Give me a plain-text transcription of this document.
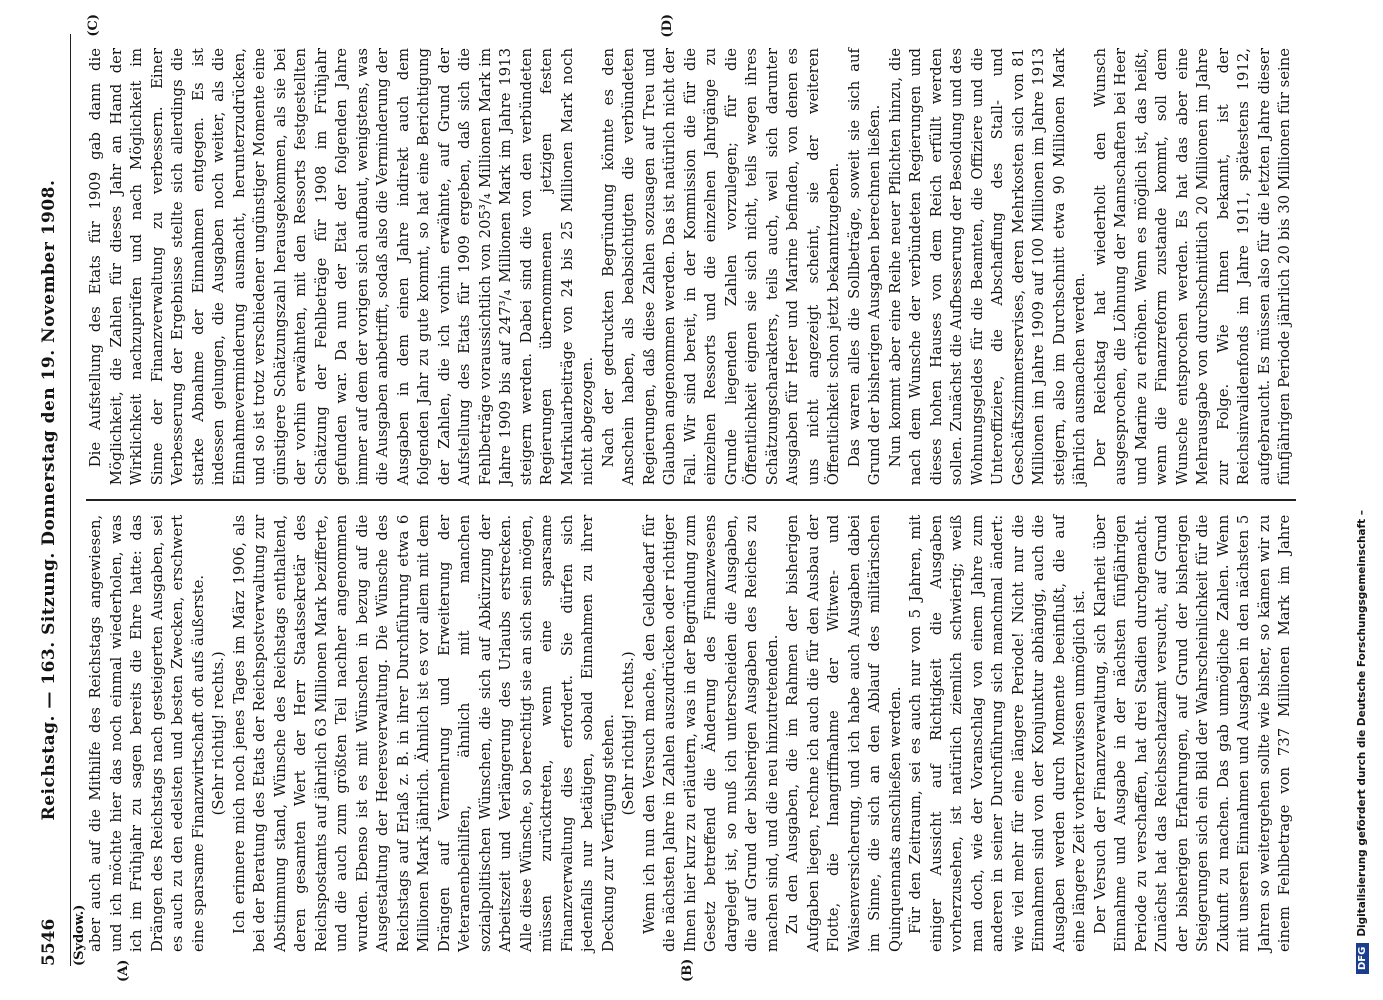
5546
Reichstag. — 163. Sitzung. Donnerstag den 19. November 1908.
(Sydow.)
(A)	(B)
(C)	(D)

aber auch auf die Mithilfe des Reichstags angewiesen, und ich möchte hier das noch einmal wiederholen, was ich im Frühjahr zu sagen bereits die Ehre hatte: das Drängen des Reichstags nach gesteigerten Ausgaben, sei es auch zu den edelsten und besten Zwecken, erschwert eine sparsame Finanzwirtschaft oft aufs äußerste. (Sehr richtig! rechts.) Ich erinnere mich noch jenes Tages im März 1906, als bei der Beratung des Etats der Reichspostverwaltung zur Abstimmung stand, Wünsche des Reichstags enthaltend, deren gesamten Wert der Herr Staatssekretär des Reichspostamts auf jährlich 63 Millionen Mark bezifferte, und die auch zum größten Teil nachher angenommen wurden. Ebenso ist es mit Wünschen in bezug auf die Ausgestaltung der Heeresverwaltung. Die Wünsche des Reichstags auf Erlaß z. B. in ihrer Durchführung etwa 6 Millionen Mark jährlich. Ähnlich ist es vor allem mit dem Drängen auf Vermehrung und Erweiterung der Veteranenbeihilfen, ähnlich mit manchen sozialpolitischen Wünschen, die sich auf Abkürzung der Arbeitszeit und Verlängerung des Urlaubs erstrecken. Alle diese Wünsche, so berechtigt sie an sich sein mögen, müssen zurücktreten, wenn eine sparsame Finanzverwaltung dies erfordert. Sie dürfen sich jedenfalls nur betätigen, sobald Einnahmen zu ihrer Deckung zur Verfügung stehen. (Sehr richtig! rechts.) Wenn ich nun den Versuch mache, den Geldbedarf für die nächsten Jahre in Zahlen auszudrücken oder richtiger Ihnen hier kurz zu erläutern, was in der Begründung zum Gesetz betreffend die Änderung des Finanzwesens dargelegt ist, so muß ich unterscheiden die Ausgaben, die auf Grund der bisherigen Ausgaben des Reiches zu machen sind, und die neu hinzutretenden. Zu den Ausgaben, die im Rahmen der bisherigen Aufgaben liegen, rechne ich auch die für den Ausbau der Flotte, die Inangriffnahme der Witwen- und Waisenversicherung, und ich habe auch Ausgaben dabei im Sinne, die sich an den Ablauf des militärischen Quinquennats anschließen werden. Für den Zeitraum, sei es auch nur von 5 Jahren, mit einiger Aussicht auf Richtigkeit die Ausgaben vorherzusehen, ist natürlich ziemlich schwierig; weiß man doch, wie der Voranschlag von einem Jahre zum anderen in seiner Durchführung sich manchmal ändert: wie viel mehr für eine längere Periode! Nicht nur die Einnahmen sind von der Konjunktur abhängig, auch die Ausgaben werden durch Momente beeinflußt, die auf eine längere Zeit vorherzuwissen unmöglich ist. Der Versuch der Finanzverwaltung, sich Klarheit über Einnahme und Ausgabe in der nächsten fünfjährigen Periode zu verschaffen, hat drei Stadien durchgemacht. Zunächst hat das Reichsschatzamt versucht, auf Grund der bisherigen Erfahrungen, auf Grund der bisherigen Steigerungen sich ein Bild der Wahrscheinlichkeit für die Zukunft zu machen. Das gab unmögliche Zahlen. Wenn mit unseren Einnahmen und Ausgaben in den nächsten 5 Jahren so weitergehen sollte wie bisher, so kämen wir zu einem Fehlbetrage von 737 Millionen Mark im Jahre

Die Aufstellung des Etats für 1909 gab dann die Möglichkeit, die Zahlen für dieses Jahr an Hand der Wirklichkeit nachzuprüfen und nach Möglichkeit im Sinne der Finanzverwaltung zu verbessern. Einer Verbesserung der Ergebnisse stellte sich allerdings die starke Abnahme der Einnahmen entgegen. Es ist indessen gelungen, die Ausgaben noch weiter, als die Einnahmeverminderung ausmacht, herunterzudrücken, und so ist trotz verschiedener ungünstiger Momente eine günstigere Schätzungszahl herausgekommen, als sie bei der vorhin erwähnten, mit den Ressorts festgestellten Schätzung der Fehlbeträge für 1908 im Frühjahr gefunden war. Da nun der Etat der folgenden Jahre immer auf dem der vorigen sich aufbaut, wenigstens, was die Ausgaben anbetrifft, sodaß also die Verminderung der Ausgaben in dem einen Jahre indirekt auch dem folgenden Jahr zu gute kommt, so hat eine Berichtigung der Zahlen, die ich vorhin erwähnte, auf Grund der Aufstellung des Etats für 1909 ergeben, daß sich die Fehlbeträge voraussichtlich von 205³/₄ Millionen Mark im Jahre 1909 bis auf 247³/₄ Millionen Mark im Jahre 1913 steigern werden. Dabei sind die von den verbündeten Regierungen übernommenen jetzigen festen Matrikularbeiträge von 24 bis 25 Millionen Mark noch nicht abgezogen. Nach der gedruckten Begründung könnte es den Anschein haben, als beabsichtigten die verbündeten Regierungen, daß diese Zahlen sozusagen auf Treu und Glauben angenommen werden. Das ist natürlich nicht der Fall. Wir sind bereit, in der Kommission die für die einzelnen Ressorts und die einzelnen Jahrgänge zu Grunde liegenden Zahlen vorzulegen; für die Öffentlichkeit eignen sie sich nicht, teils wegen ihres Schätzungscharakters, teils auch, weil sich darunter Ausgaben für Heer und Marine befinden, von denen es uns nicht angezeigt scheint, sie der weiteren Öffentlichkeit schon jetzt bekanntzugeben. Das waren alles die Sollbeträge, soweit sie sich auf Grund der bisherigen Ausgaben berechnen ließen. Nun kommt aber eine Reihe neuer Pflichten hinzu, die nach dem Wunsche der verbündeten Regierungen und dieses hohen Hauses von dem Reich erfüllt werden sollen. Zunächst die Aufbesserung der Besoldung und des Wohnungsgeldes für die Beamten, die Offiziere und die Unteroffiziere, die Abschaffung des Stall- und Geschäftszimmerservises, deren Mehrkosten sich von 81 Millionen im Jahre 1909 auf 100 Millionen im Jahre 1913 steigern, also im Durchschnitt etwa 90 Millionen Mark jährlich ausmachen werden. Der Reichstag hat wiederholt den Wunsch ausgesprochen, die Löhnung der Mannschaften bei Heer und Marine zu erhöhen. Wenn es möglich ist, das heißt, wenn die Finanzreform zustande kommt, soll dem Wunsche entsprochen werden. Es hat das aber eine Mehrausgabe von durchschnittlich 20 Millionen im Jahre zur Folge. Wie Ihnen bekannt, ist der Reichsinvalidenfonds im Jahre 1911, spätestens 1912, aufgebraucht. Es müssen also für die letzten Jahre dieser fünfjährigen Periode jährlich 20 bis 30 Millionen für seine

DFG
Digitalisierung gefördert durch die Deutsche Forschungsgemeinschaft –
